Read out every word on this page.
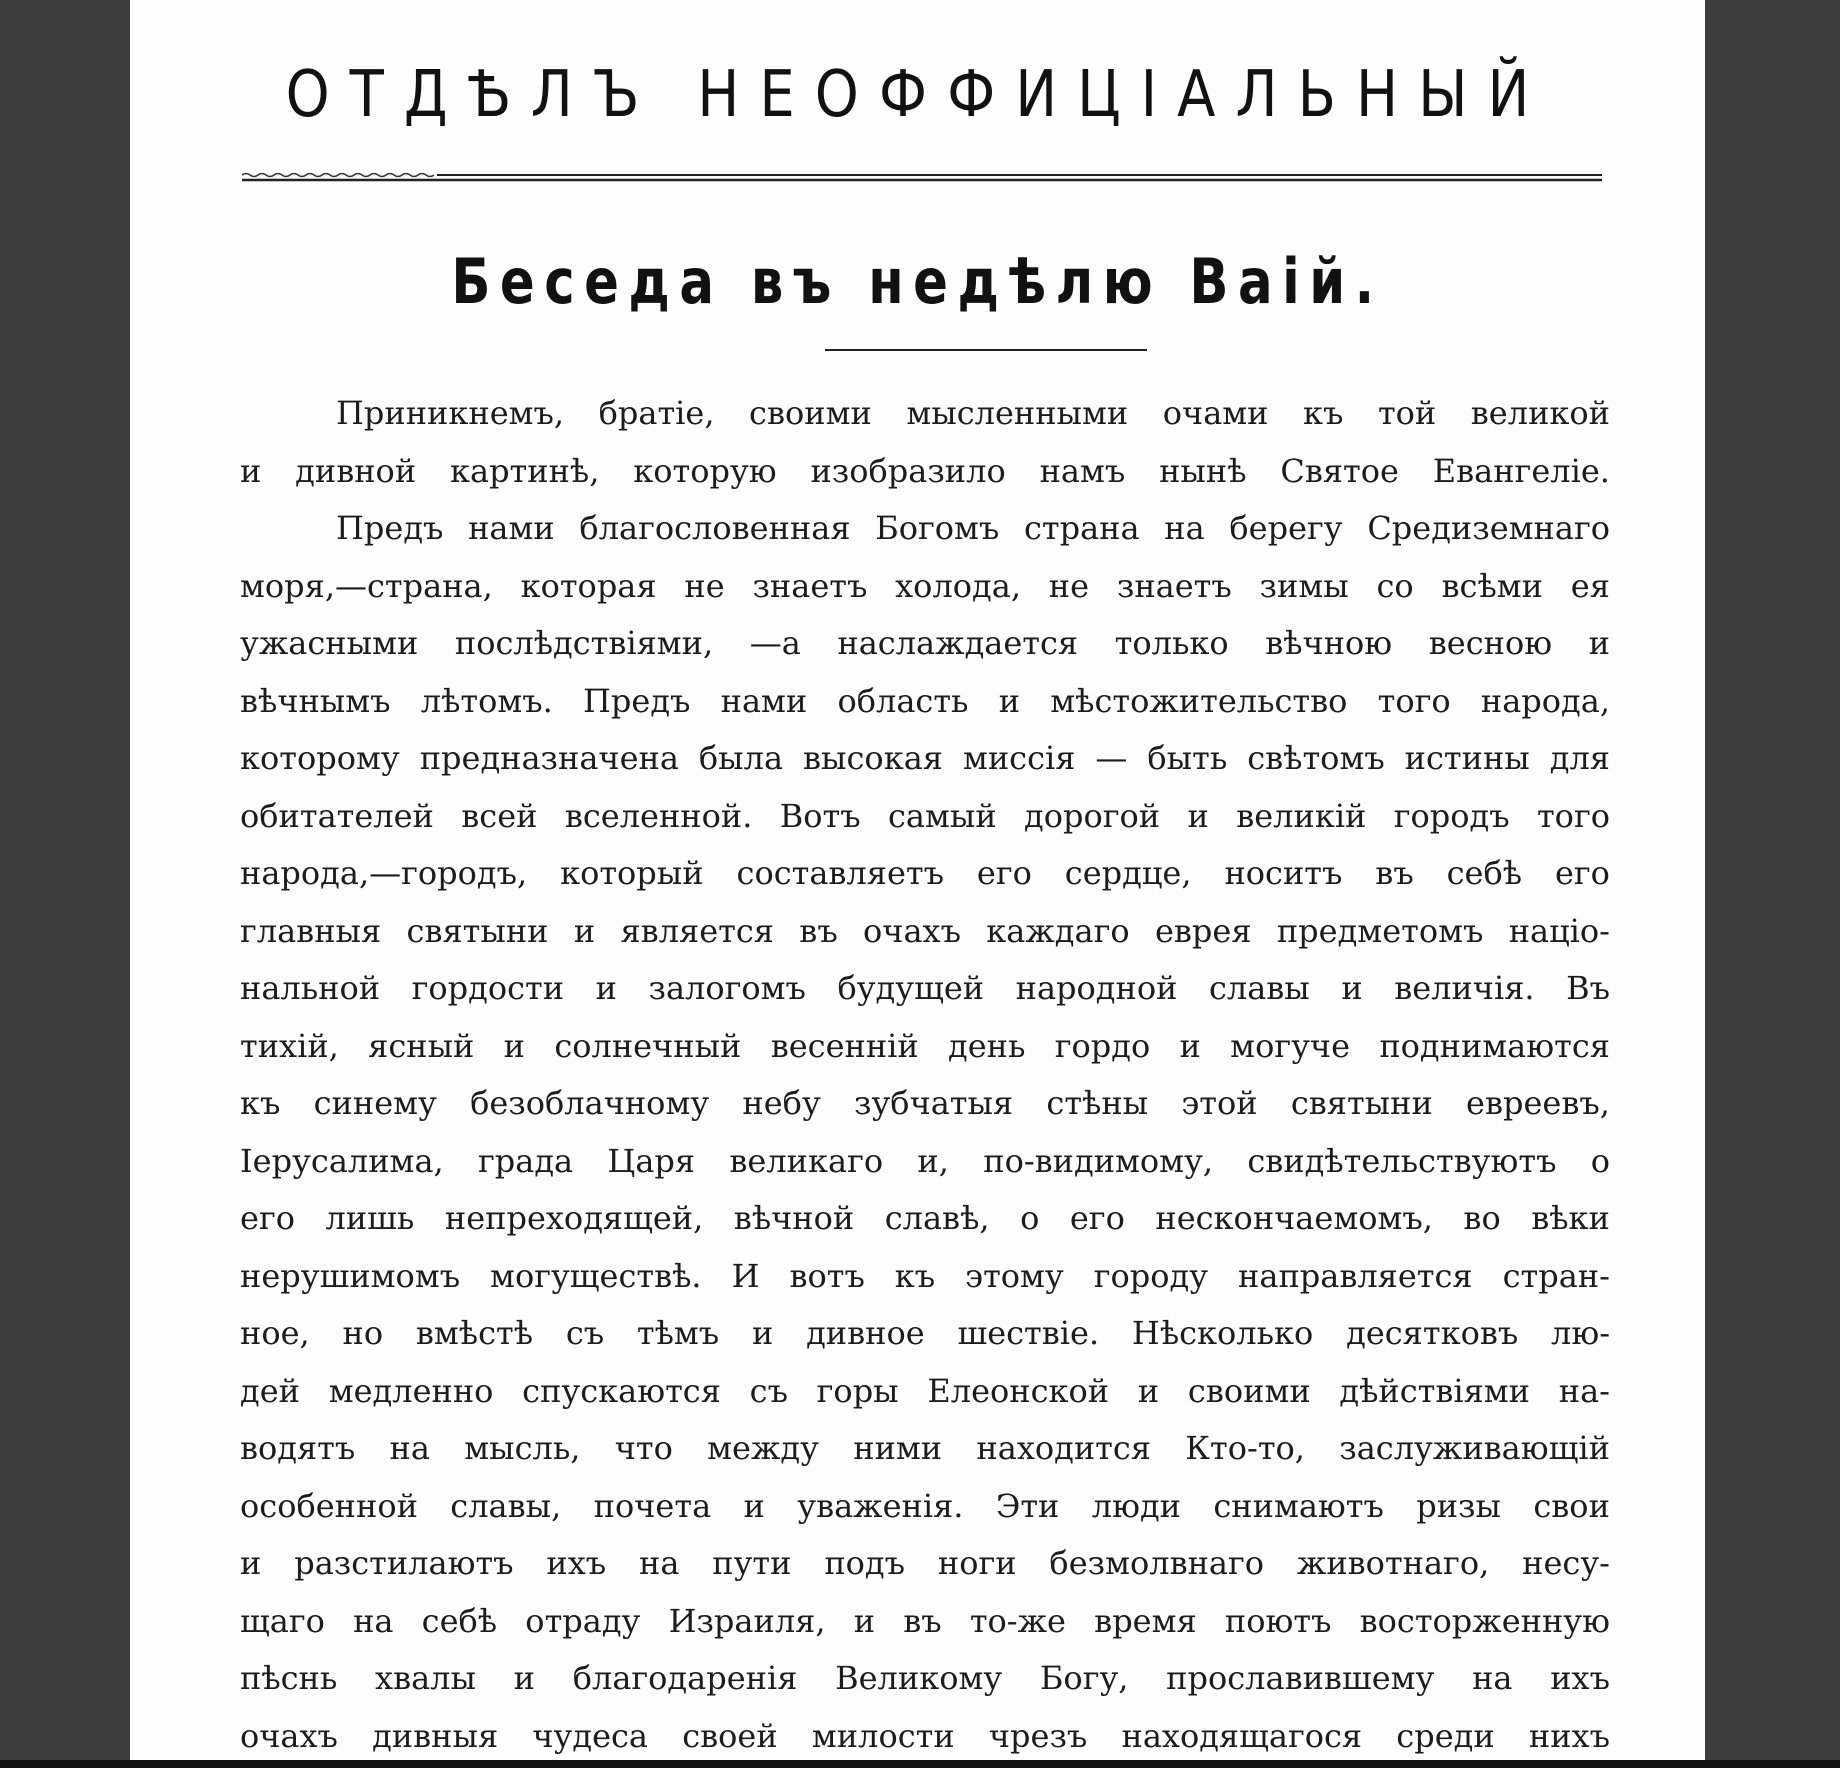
ОТДѢЛЪ НЕОФФИЦІАЛЬНЫЙ
Беседа въ недѣлю Ваій.
Приникнемъ, братіе, своими мысленными очами къ той великой
и дивной картинѣ, которую изобразило намъ нынѣ Святое Евангеліе.
Предъ нами благословенная Богомъ страна на берегу Средиземнаго
моря,—страна, которая не знаетъ холода, не знаетъ зимы со всѣми ея
ужасными послѣдствіями, —а наслаждается только вѣчною весною и
вѣчнымъ лѣтомъ. Предъ нами область и мѣстожительство того народа,
которому предназначена была высокая миссія — быть свѣтомъ истины для
обитателей всей вселенной. Вотъ самый дорогой и великій городъ того
народа,—городъ, который составляетъ его сердце, носитъ въ себѣ его
главныя святыни и является въ очахъ каждаго еврея предметомъ націо-
нальной гордости и залогомъ будущей народной славы и величія. Въ
тихій, ясный и солнечный весенній день гордо и могуче поднимаются
къ синему безоблачному небу зубчатыя стѣны этой святыни евреевъ,
Іерусалима, града Царя великаго и, по-видимому, свидѣтельствуютъ о
его лишь непреходящей, вѣчной славѣ, о его нескончаемомъ, во вѣки
нерушимомъ могуществѣ. И вотъ къ этому городу направляется стран-
ное, но вмѣстѣ съ тѣмъ и дивное шествіе. Нѣсколько десятковъ лю-
дей медленно спускаются съ горы Елеонской и своими дѣйствіями на-
водятъ на мысль, что между ними находится Кто-то, заслуживающій
особенной славы, почета и уваженія. Эти люди снимаютъ ризы свои
и разстилаютъ ихъ на пути подъ ноги безмолвнаго животнаго, несу-
щаго на себѣ отраду Израиля, и въ то-же время поютъ восторженную
пѣснь хвалы и благодаренія Великому Богу, прославившему на ихъ
очахъ дивныя чудеса своей милости чрезъ находящагося среди нихъ
